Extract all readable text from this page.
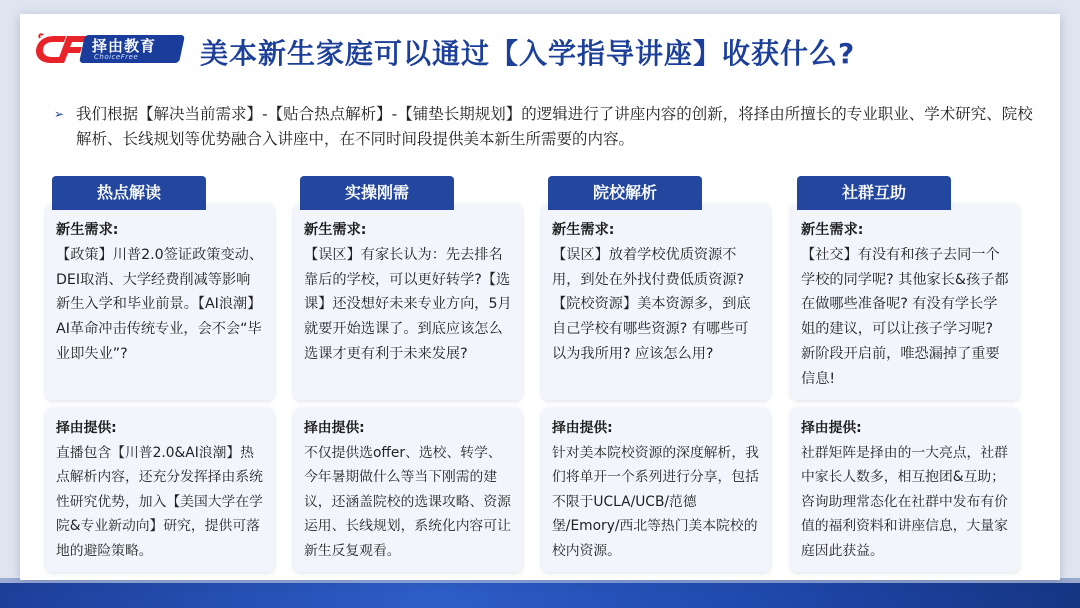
择由教育
ChoiceFree 美本新生家庭可以通过【入学指导讲座】收获什么?
➢ 我们根据【解决当前需求】-【贴合热点解析】-【铺垫长期规划】的逻辑进行了讲座内容的创新，将择由所擅长的专业职业、学术研究、院校解析、长线规划等优势融合入讲座中，在不同时间段提供美本新生所需要的内容。
热点解读
新生需求:
【政策】川普2.0签证政策变动、DEI取消、大学经费削减等影响新生入学和毕业前景。【AI浪潮】AI革命冲击传统专业，会不会“毕业即失业”?
择由提供:
直播包含【川普2.0&AI浪潮】热点解析内容，还充分发挥择由系统性研究优势，加入【美国大学在学院&专业新动向】研究，提供可落地的避险策略。
实操刚需
新生需求:
【误区】有家长认为：先去排名靠后的学校，可以更好转学?【选课】还没想好未来专业方向，5月就要开始选课了。到底应该怎么选课才更有利于未来发展?
择由提供:
不仅提供选offer、选校、转学、今年暑期做什么等当下刚需的建议，还涵盖院校的选课攻略、资源运用、长线规划，系统化内容可让新生反复观看。
院校解析
新生需求:
【误区】放着学校优质资源不用，到处在外找付费低质资源?【院校资源】美本资源多，到底自己学校有哪些资源? 有哪些可以为我所用? 应该怎么用?
择由提供:
针对美本院校资源的深度解析，我们将单开一个系列进行分享，包括不限于UCLA/UCB/范德堡/Emory/西北等热门美本院校的校内资源。
社群互助
新生需求:
【社交】有没有和孩子去同一个学校的同学呢? 其他家长&孩子都在做哪些准备呢? 有没有学长学姐的建议，可以让孩子学习呢? 新阶段开启前，唯恐漏掉了重要信息!
择由提供:
社群矩阵是择由的一大亮点，社群中家长人数多，相互抱团&互助；咨询助理常态化在社群中发布有价值的福利资料和讲座信息，大量家庭因此获益。
